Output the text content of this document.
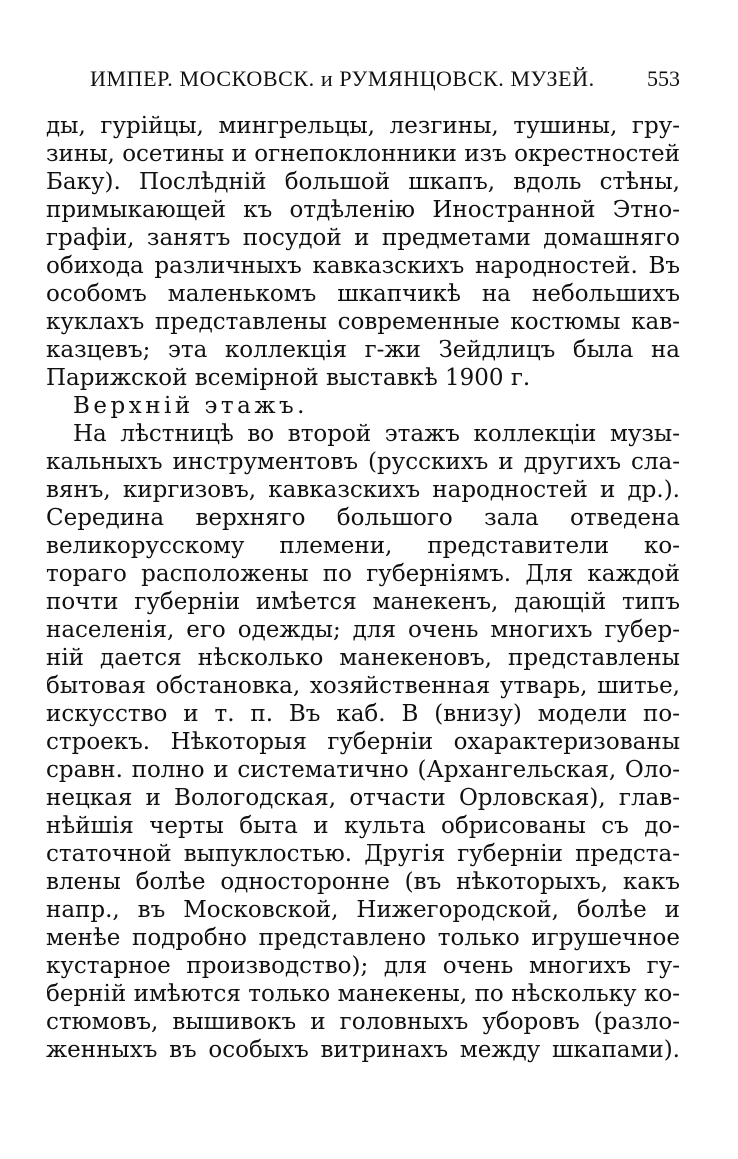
ИМПЕР. МОСКОВСК. и РУМЯНЦОВСК. МУЗЕЙ. 553
ды, гурійцы, мингрельцы, лезгины, тушины, гру-
зины, осетины и огнепоклонники изъ окрестностей
Баку). Послѣдній большой шкапъ, вдоль стѣны,
примыкающей къ отдѣленію Иностранной Этно-
графіи, занятъ посудой и предметами домашняго
обихода различныхъ кавказскихъ народностей. Въ
особомъ маленькомъ шкапчикѣ на небольшихъ
куклахъ представлены современные костюмы кав-
казцевъ; эта коллекція г-жи Зейдлицъ была на
Парижской всемірной выставкѣ 1900 г.
Верхній этажъ.
На лѣстницѣ во второй этажъ коллекціи музы-
кальныхъ инструментовъ (русскихъ и другихъ сла-
вянъ, киргизовъ, кавказскихъ народностей и др.).
Середина верхняго большого зала отведена
великорусскому племени, представители ко-
тораго расположены по губерніямъ. Для каждой
почти губерніи имѣется манекенъ, дающій типъ
населенія, его одежды; для очень многихъ губер-
ній дается нѣсколько манекеновъ, представлены
бытовая обстановка, хозяйственная утварь, шитье,
искусство и т. п. Въ каб. В (внизу) модели по-
строекъ. Нѣкоторыя губерніи охарактеризованы
сравн. полно и систематично (Архангельская, Оло-
нецкая и Вологодская, отчасти Орловская), глав-
нѣйшія черты быта и культа обрисованы съ до-
статочной выпуклостью. Другія губерніи предста-
влены болѣе односторонне (въ нѣкоторыхъ, какъ
напр., въ Московской, Нижегородской, болѣе и
менѣе подробно представлено только игрушечное
кустарное производство); для очень многихъ гу-
берній имѣются только манекены, по нѣскольку ко-
стюмовъ, вышивокъ и головныхъ уборовъ (разло-
женныхъ въ особыхъ витринахъ между шкапами).
